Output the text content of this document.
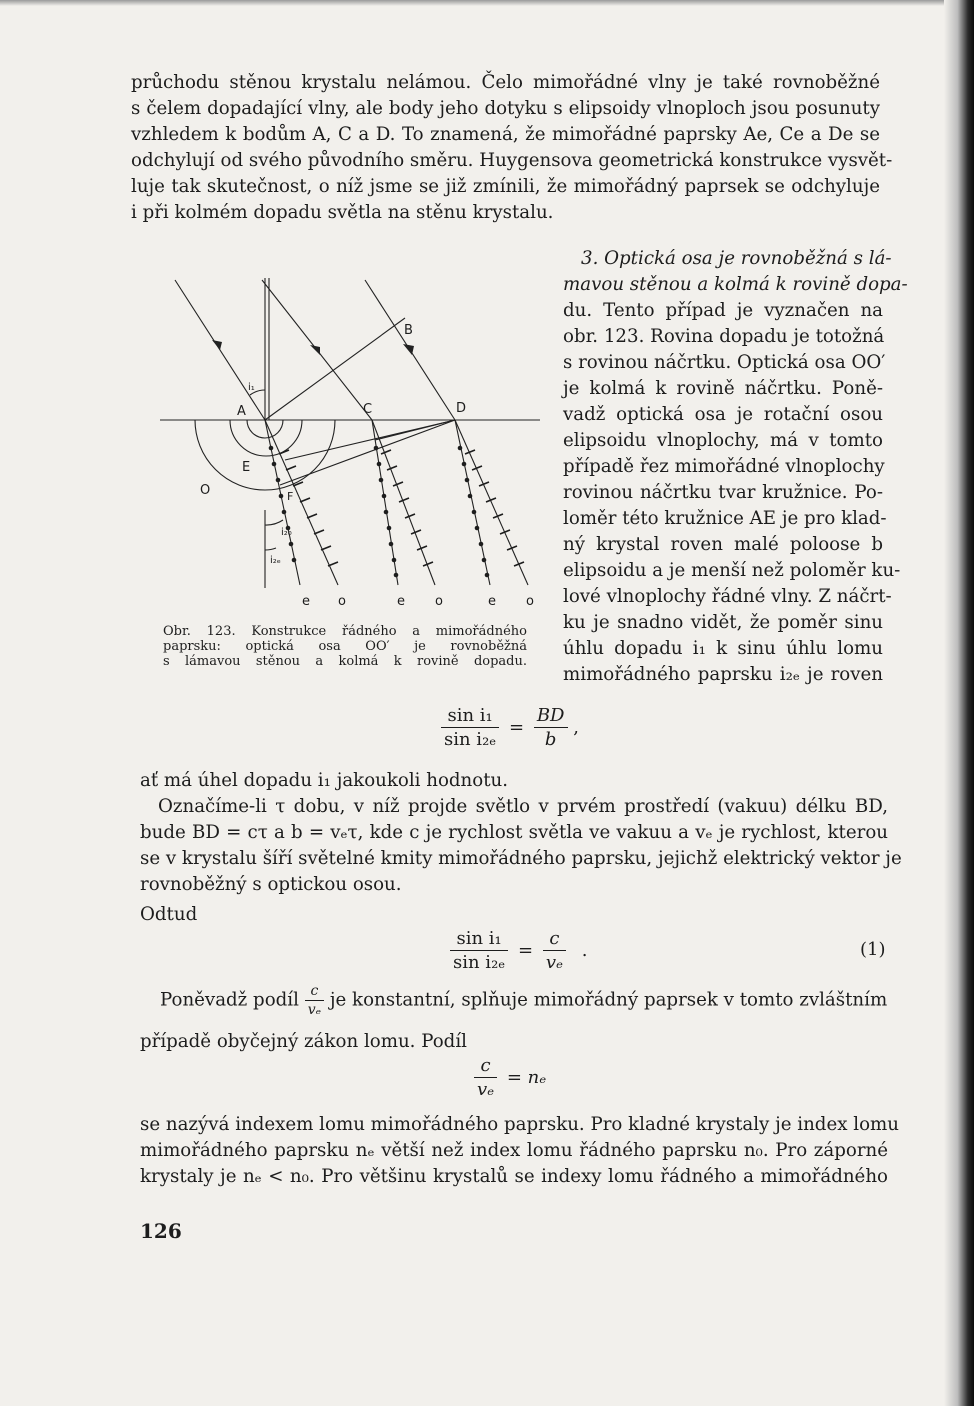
průchodu stěnou krystalu nelámou. Čelo mimořádné vlny je také rovnoběžné
s čelem dopadající vlny, ale body jeho dotyku s elipsoidy vlnoploch jsou posunuty
vzhledem k bodům A, C a D. To znamená, že mimořádné paprsky Ae, Ce a De se
odchylují od svého původního směru. Huygensova geometrická konstrukce vysvět-
luje tak skutečnost, o níž jsme se již zmínili, že mimořádný paprsek se odchyluje
i při kolmém dopadu světla na stěnu krystalu.
3. Optická osa je rovnoběžná s lá-
mavou stěnou a kolmá k rovině dopa-
du. Tento případ je vyznačen na
obr. 123. Rovina dopadu je totožná
s rovinou náčrtku. Optická osa OO′
je kolmá k rovině náčrtku. Poně-
vadž optická osa je rotační osou
elipsoidu vlnoplochy, má v tomto
případě řez mimořádné vlnoplochy
rovinou náčrtku tvar kružnice. Po-
loměr této kružnice AE je pro klad-
ný krystal roven malé poloose b
elipsoidu a je menší než poloměr ku-
lové vlnoplochy řádné vlny. Z náčrt-
ku je snadno vidět, že poměr sinu
úhlu dopadu i₁ k sinu úhlu lomu
mimořádného paprsku i₂ₑ je roven
A	C	D
B
E
O	F
i₁
i₂₀
i₂ₑ
e o	e o	e o
Obr. 123. Konstrukce řádného a mimořádného
paprsku: optická osa OO′ je rovnoběžná
s lámavou stěnou a kolmá k rovině dopadu.
$\frac{\text{sin i₁}}{\text{sin i₂ₑ}} = \frac{BD}{b}$ ,
ať má úhel dopadu i₁ jakoukoli hodnotu.
Označíme-li τ dobu, v níž projde světlo v prvém prostředí (vakuu) délku BD,
bude BD = cτ a b = vₑτ, kde c je rychlost světla ve vakuu a vₑ je rychlost, kterou
se v krystalu šíří světelné kmity mimořádného paprsku, jejichž elektrický vektor je
rovnoběžný s optickou osou.
Odtud
$\frac{\text{sin i₁}}{\text{sin i₂ₑ}} = \frac{c}{\text{vₑ}}$ .	(1)
Poněvadž podíl $\frac{c}{\text{vₑ}}$ je konstantní, splňuje mimořádný paprsek v tomto zvláštním
případě obyčejný zákon lomu. Podíl
$\frac{c}{\text{vₑ}} = n_e$
se nazývá indexem lomu mimořádného paprsku. Pro kladné krystaly je index lomu
mimořádného paprsku nₑ větší než index lomu řádného paprsku n₀. Pro záporné
krystaly je nₑ < n₀. Pro většinu krystalů se indexy lomu řádného a mimořádného
126
